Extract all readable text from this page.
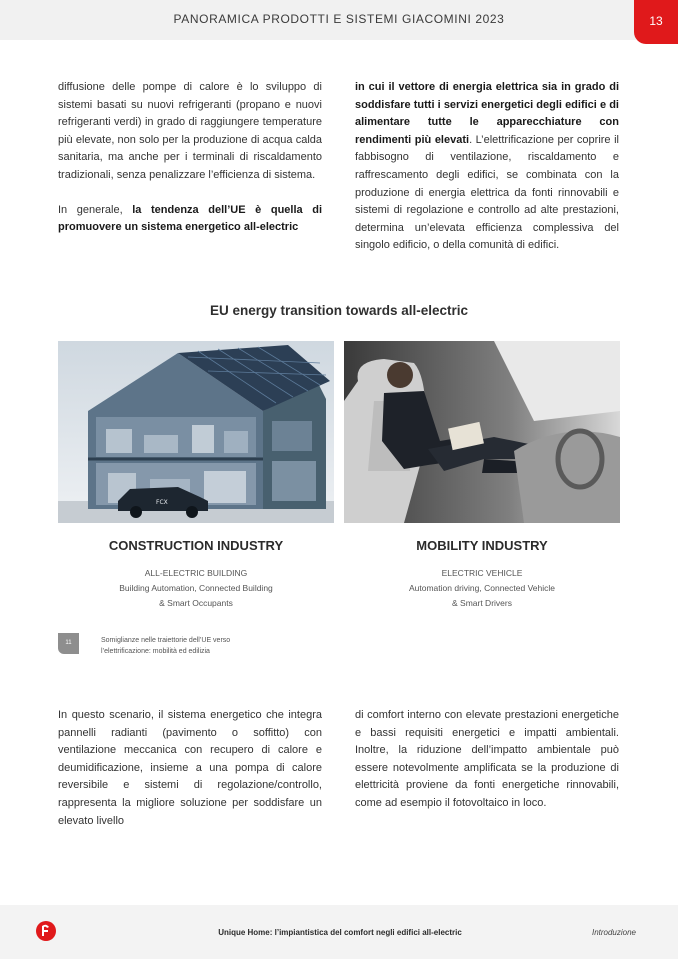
PANORAMICA PRODOTTI E SISTEMI GIACOMINI 2023	13

diffusione delle pompe di calore è lo sviluppo di sistemi basati su nuovi refrigeranti (propano e nuovi refrigeranti verdi) in grado di raggiungere temperature più elevate, non solo per la produzione di acqua calda sanitaria, ma anche per i terminali di riscaldamento tradizionali, senza penalizzare l’efficienza di sistema.

In generale, la tendenza dell’UE è quella di promuovere un sistema energetico all-electric

in cui il vettore di energia elettrica sia in grado di soddisfare tutti i servizi energetici degli edifici e di alimentare tutte le apparecchiature con rendimenti più elevati. L’elettrificazione per coprire il fabbisogno di ventilazione, riscaldamento e raffrescamento degli edifici, se combinata con la produzione di energia elettrica da fonti rinnovabili e sistemi di regolazione e controllo ad alte prestazioni, determina un’elevata efficienza complessiva del singolo edificio, o della comunità di edifici.

EU energy transition towards all-electric
FCX
CONSTRUCTION INDUSTRY
ALL-ELECTRIC BUILDING
Building Automation, Connected Building
& Smart Occupants
MOBILITY INDUSTRY
ELECTRIC VEHICLE
Automation driving, Connected Vehicle
& Smart Drivers
11	Somiglianze nelle traiettorie dell’UE verso
l’elettrificazione: mobilità ed edilizia

In questo scenario, il sistema energetico che integra pannelli radianti (pavimento o soffitto) con ventilazione meccanica con recupero di calore e deumidificazione, insieme a una pompa di calore reversibile e sistemi di regolazione/controllo, rappresenta la migliore soluzione per soddisfare un elevato livello

di comfort interno con elevate prestazioni energetiche e bassi requisiti energetici e impatti ambientali. Inoltre, la riduzione dell’impatto ambientale può essere notevolmente amplificata se la produzione di elettricità proviene da fonti energetiche rinnovabili, come ad esempio il fotovoltaico in loco.

Unique Home: l’impiantistica del comfort negli edifici all-electric	Introduzione
